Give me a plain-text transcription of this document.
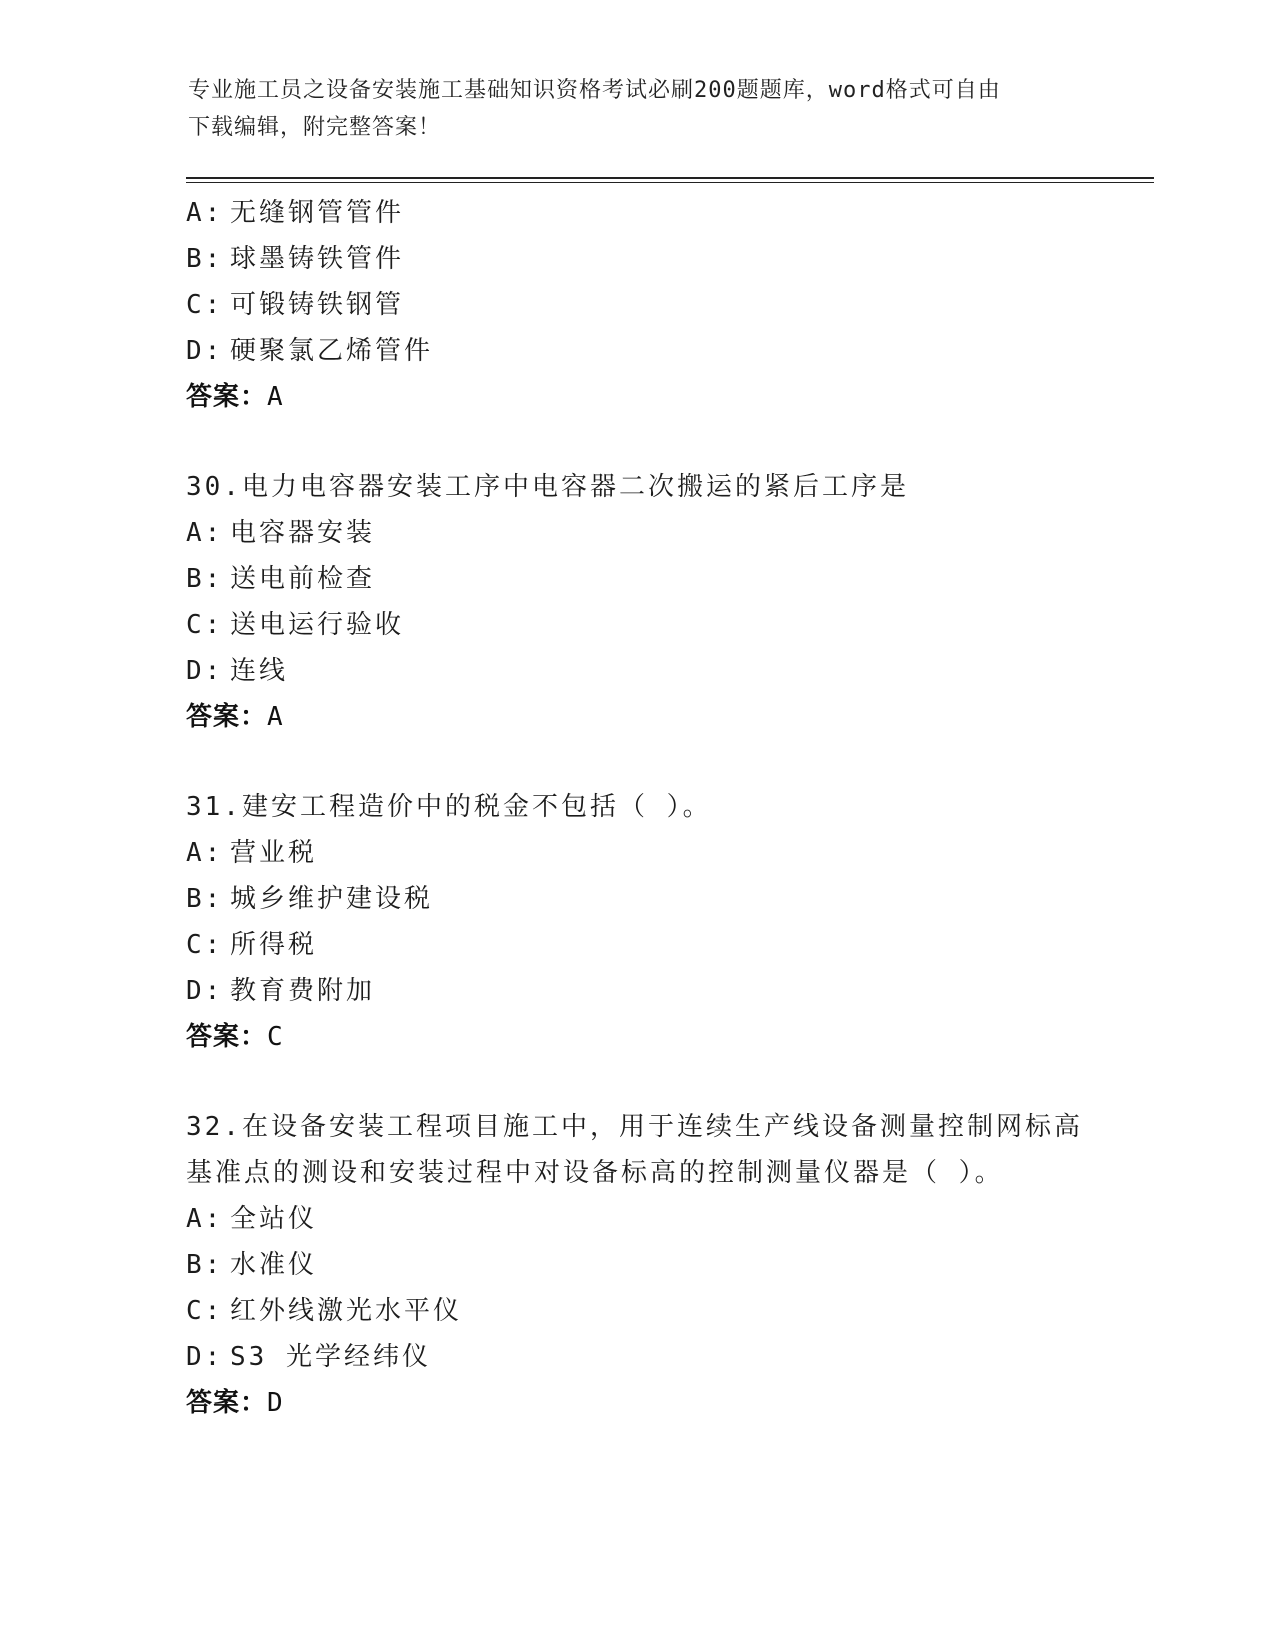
专业施工员之设备安装施工基础知识资格考试必刷200题题库，word格式可自由
下载编辑，附完整答案！
A: 无缝钢管管件
B: 球墨铸铁管件
C: 可锻铸铁钢管
D: 硬聚氯乙烯管件
答案：A
30.电力电容器安装工序中电容器二次搬运的紧后工序是
A: 电容器安装
B: 送电前检查
C: 送电运行验收
D: 连线
答案：A
31.建安工程造价中的税金不包括（ ）。
A: 营业税
B: 城乡维护建设税
C: 所得税
D: 教育费附加
答案：C
32.在设备安装工程项目施工中，用于连续生产线设备测量控制网标高
基准点的测设和安装过程中对设备标高的控制测量仪器是（ ）。
A: 全站仪
B: 水准仪
C: 红外线激光水平仪
D: S3 光学经纬仪
答案：D
